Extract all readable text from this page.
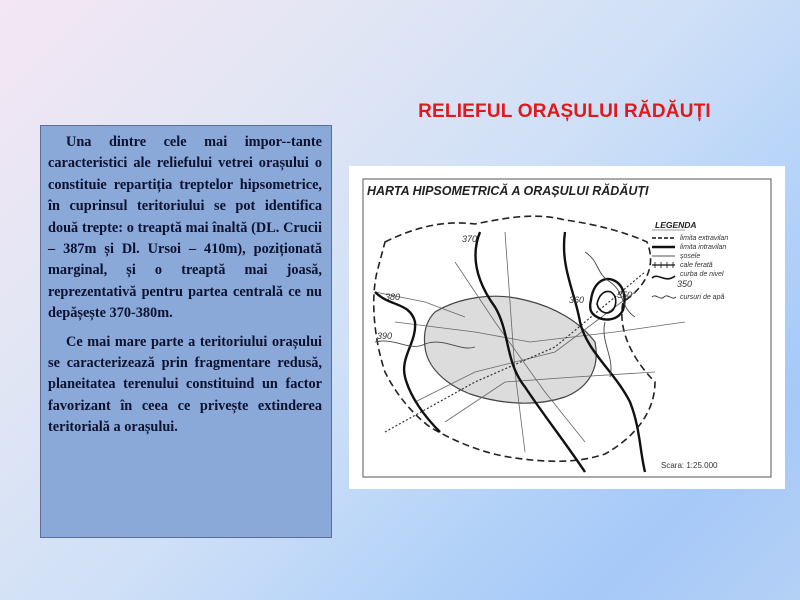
RELIEFUL ORAȘULUI RĂDĂUȚI

Una dintre cele mai impor--tante caracteristici ale reliefului vetrei orașului o constituie repartiția treptelor hipsometrice, în cuprinsul teritoriului se pot identifica două trepte: o treaptă mai înaltă (DL. Crucii – 387m și Dl. Ursoi – 410m), poziționată marginal, și o treaptă mai joasă, reprezentativă pentru partea centrală ce nu depășește 370-380m.

Ce mai mare parte a teritoriului orașului se caracterizează prin fragmentare redusă, planeitatea terenului constituind un factor favorizant în ceea ce privește extinderea teritorială a orașului.

HARTA HIPSOMETRICĂ A ORAȘULUI RĂDĂUȚI
370
380
390
360	350
350
LEGENDA
limita extravilan
limita intravilan
șosele
cale ferată
curba de nivel
cursuri de apă
Scara: 1:25.000
